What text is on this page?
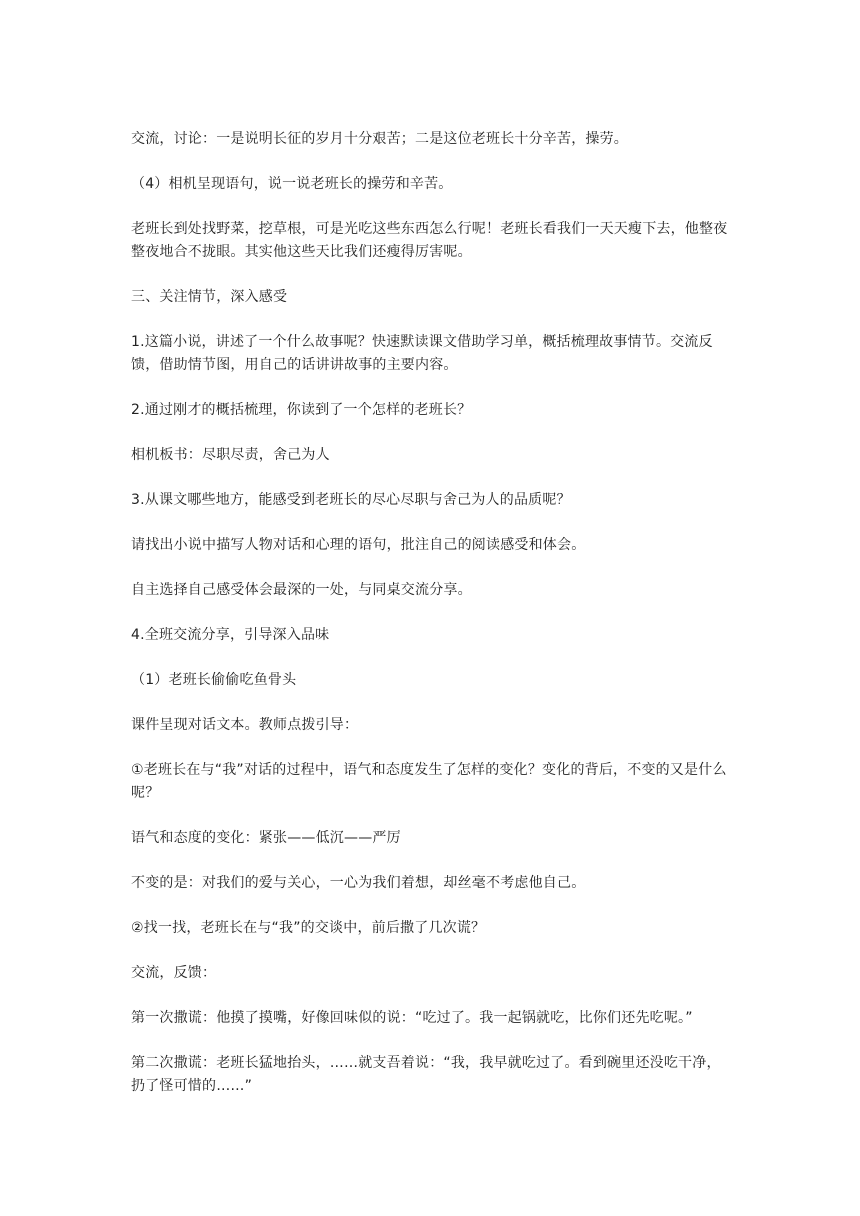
交流，讨论：一是说明长征的岁月十分艰苦；二是这位老班长十分辛苦，操劳。

（4）相机呈现语句，说一说老班长的操劳和辛苦。

老班长到处找野菜，挖草根，可是光吃这些东西怎么行呢！老班长看我们一天天瘦下去，他整夜整夜地合不拢眼。其实他这些天比我们还瘦得厉害呢。

三、关注情节，深入感受

1.这篇小说，讲述了一个什么故事呢？快速默读课文借助学习单，概括梳理故事情节。交流反馈，借助情节图，用自己的话讲讲故事的主要内容。

2.通过刚才的概括梳理，你读到了一个怎样的老班长？

相机板书：尽职尽责，舍己为人

3.从课文哪些地方，能感受到老班长的尽心尽职与舍己为人的品质呢？

请找出小说中描写人物对话和心理的语句，批注自己的阅读感受和体会。

自主选择自己感受体会最深的一处，与同桌交流分享。

4.全班交流分享，引导深入品味

（1）老班长偷偷吃鱼骨头

课件呈现对话文本。教师点拨引导：

①老班长在与“我”对话的过程中，语气和态度发生了怎样的变化？变化的背后，不变的又是什么呢？

语气和态度的变化：紧张——低沉——严厉

不变的是：对我们的爱与关心，一心为我们着想，却丝毫不考虑他自己。

②找一找，老班长在与“我”的交谈中，前后撒了几次谎？

交流，反馈：

第一次撒谎：他摸了摸嘴，好像回味似的说：“吃过了。我一起锅就吃，比你们还先吃呢。”

第二次撒谎：老班长猛地抬头，……就支吾着说：“我，我早就吃过了。看到碗里还没吃干净，扔了怪可惜的……”
